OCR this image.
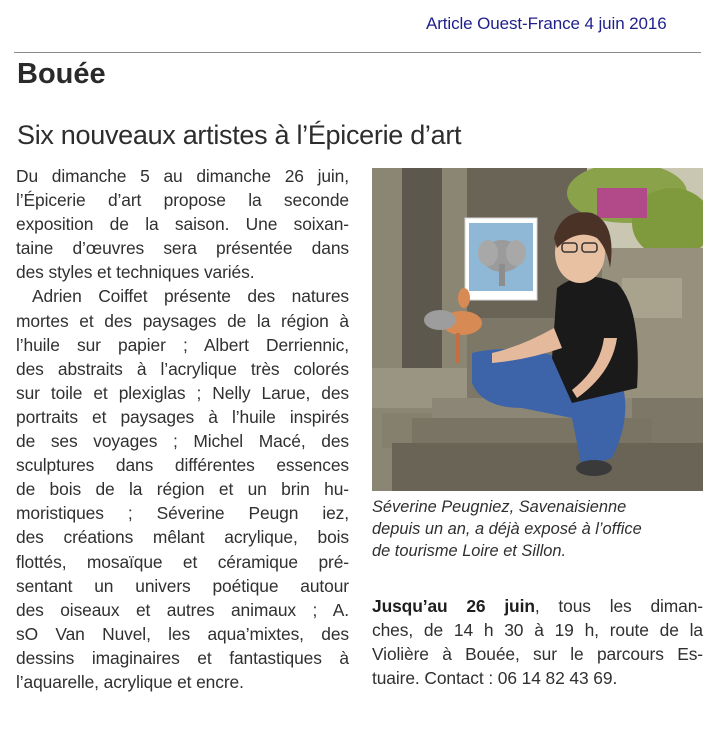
Article Ouest-France 4 juin 2016
Bouée
Six nouveaux artistes à l’Épicerie d’art
Du dimanche 5 au dimanche 26 juin,
l’Épicerie d’art propose la seconde
exposition de la saison. Une soixan-
taine d’œuvres sera présentée dans
des styles et techniques variés.
Adrien Coiffet présente des natures
mortes et des paysages de la région à
l’huile sur papier ; Albert Derriennic,
des abstraits à l’acrylique très colorés
sur toile et plexiglas ; Nelly Larue, des
portraits et paysages à l’huile inspirés
de ses voyages ; Michel Macé, des
sculptures dans différentes essences
de bois de la région et un brin hu-
moristiques ; Séverine Peugn iez,
des créations mêlant acrylique, bois
flottés, mosaïque et céramique pré-
sentant un univers poétique autour
des oiseaux et autres animaux ; A.
sO Van Nuvel, les aqua’mixtes, des
dessins imaginaires et fantastiques à
l’aquarelle, acrylique et encre.
Séverine Peugniez, Savenaisienne
depuis un an, a déjà exposé à l’office
de tourisme Loire et Sillon.
Jusqu’au 26 juin, tous les diman-
ches, de 14 h 30 à 19 h, route de la
Violière à Bouée, sur le parcours Es-
tuaire. Contact : 06 14 82 43 69.
